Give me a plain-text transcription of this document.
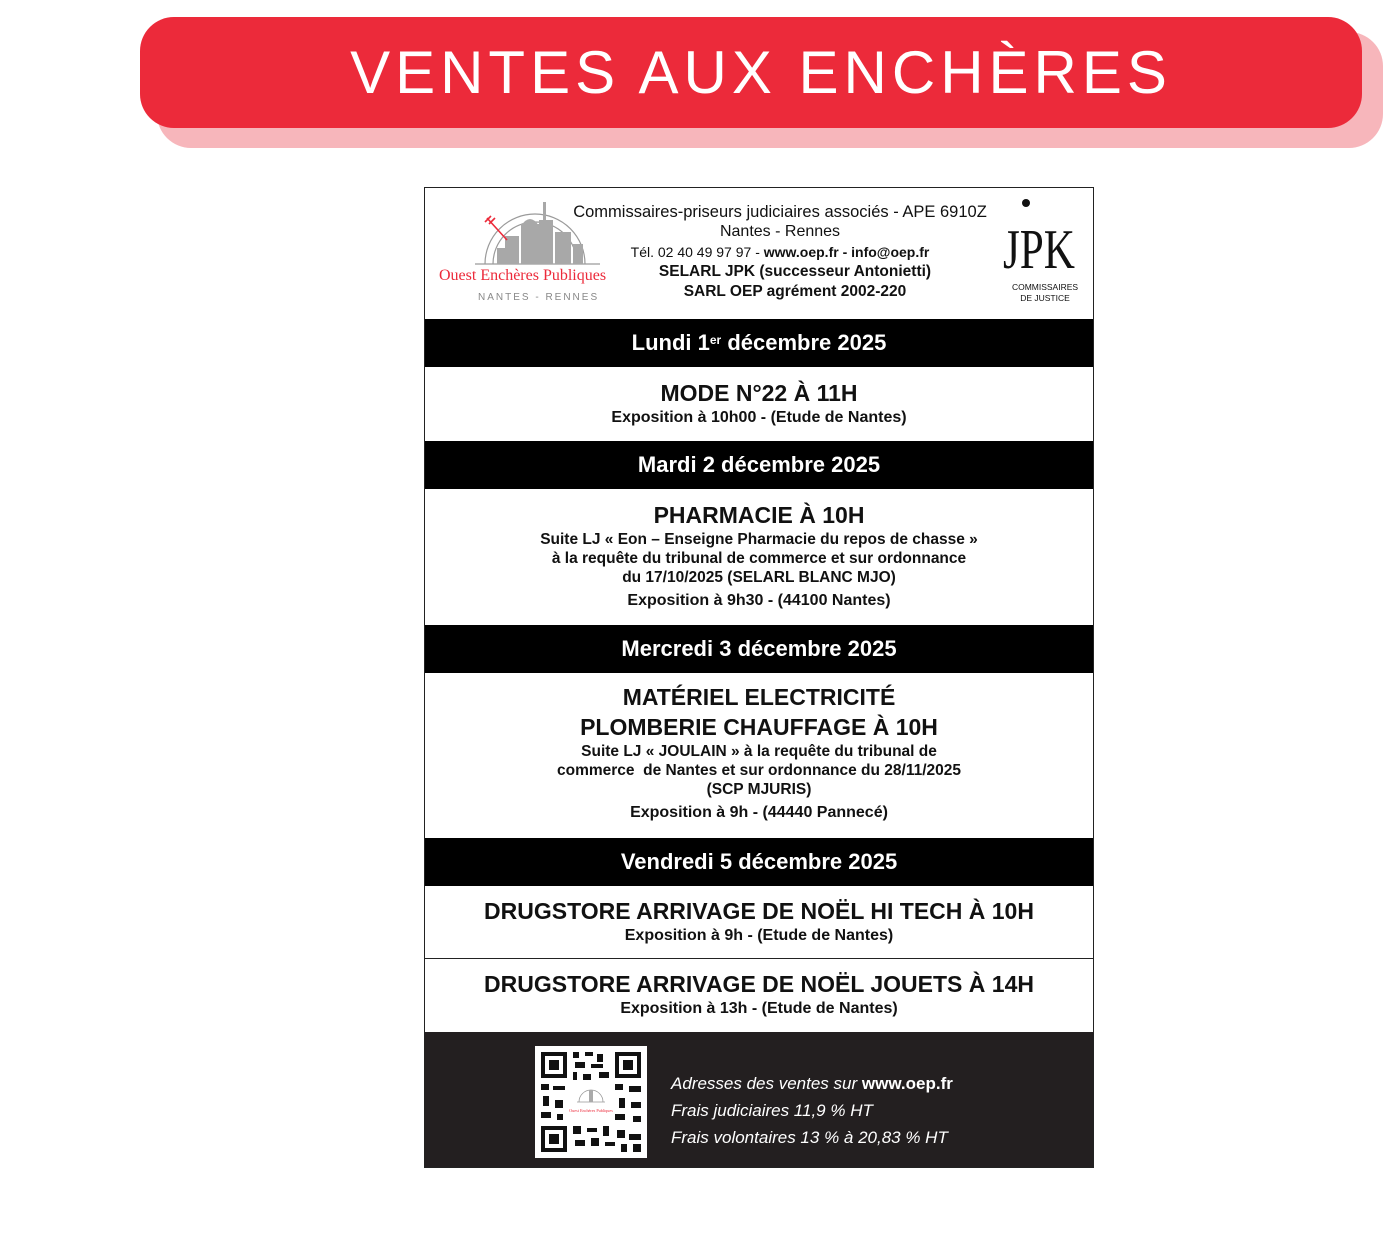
VENTES AUX ENCHÈRES
Ouest Enchères Publiques
NANTES - RENNES
Commissaires-priseurs judiciaires associés - APE 6910Z
Nantes - Rennes
Tél. 02 40 49 97 97 - www.oep.fr - info@oep.fr
SELARL JPK (successeur Antonietti)
SARL OEP agrément 2002-220
JPK
COMMISSAIRES
DE JUSTICE
Lundi 1er décembre 2025
MODE N°22 À 11H
Exposition à 10h00 - (Etude de Nantes)
Mardi 2 décembre 2025
PHARMACIE À 10H
Suite LJ « Eon – Enseigne Pharmacie du repos de chasse »
à la requête du tribunal de commerce et sur ordonnance
du 17/10/2025 (SELARL BLANC MJO)
Exposition à 9h30 - (44100 Nantes)
Mercredi 3 décembre 2025
MATÉRIEL ELECTRICITÉ
PLOMBERIE CHAUFFAGE À 10H
Suite LJ « JOULAIN » à la requête du tribunal de
commerce  de Nantes et sur ordonnance du 28/11/2025
(SCP MJURIS)
Exposition à 9h - (44440 Pannecé)
Vendredi 5 décembre 2025
DRUGSTORE ARRIVAGE DE NOËL HI TECH À 10H
Exposition à 9h - (Etude de Nantes)
DRUGSTORE ARRIVAGE DE NOËL JOUETS À 14H
Exposition à 13h - (Etude de Nantes)
Ouest Enchères Publiques
Adresses des ventes sur www.oep.fr
Frais judiciaires 11,9 % HT
Frais volontaires 13 % à 20,83 % HT
